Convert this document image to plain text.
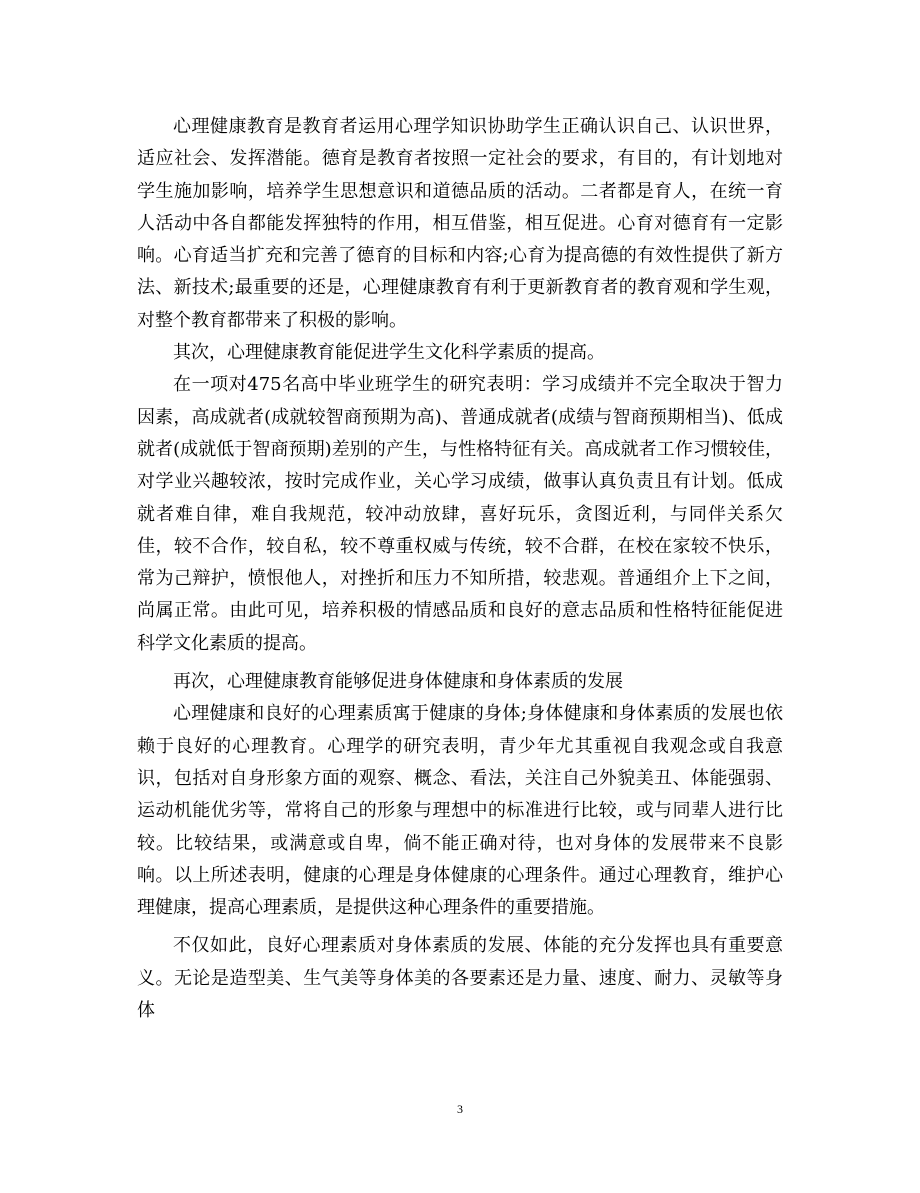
心理健康教育是教育者运用心理学知识协助学生正确认识自己、认识世界，适应社会、发挥潜能。德育是教育者按照一定社会的要求，有目的，有计划地对学生施加影响，培养学生思想意识和道德品质的活动。二者都是育人，在统一育人活动中各自都能发挥独特的作用，相互借鉴，相互促进。心育对德育有一定影响。心育适当扩充和完善了德育的目标和内容;心育为提高德的有效性提供了新方法、新技术;最重要的还是，心理健康教育有利于更新教育者的教育观和学生观，对整个教育都带来了积极的影响。

其次，心理健康教育能促进学生文化科学素质的提高。

在一项对475名高中毕业班学生的研究表明：学习成绩并不完全取决于智力因素，高成就者(成就较智商预期为高)、普通成就者(成绩与智商预期相当)、低成就者(成就低于智商预期)差别的产生，与性格特征有关。高成就者工作习惯较佳，对学业兴趣较浓，按时完成作业，关心学习成绩，做事认真负责且有计划。低成就者难自律，难自我规范，较冲动放肆，喜好玩乐，贪图近利，与同伴关系欠佳，较不合作，较自私，较不尊重权威与传统，较不合群，在校在家较不快乐，常为己辩护，愤恨他人，对挫折和压力不知所措，较悲观。普通组介上下之间，尚属正常。由此可见，培养积极的情感品质和良好的意志品质和性格特征能促进科学文化素质的提高。

再次，心理健康教育能够促进身体健康和身体素质的发展

心理健康和良好的心理素质寓于健康的身体;身体健康和身体素质的发展也依赖于良好的心理教育。心理学的研究表明，青少年尤其重视自我观念或自我意识，包括对自身形象方面的观察、概念、看法，关注自己外貌美丑、体能强弱、运动机能优劣等，常将自己的形象与理想中的标准进行比较，或与同辈人进行比较。比较结果，或满意或自卑，倘不能正确对待，也对身体的发展带来不良影响。以上所述表明，健康的心理是身体健康的心理条件。通过心理教育，维护心理健康，提高心理素质，是提供这种心理条件的重要措施。

不仅如此，良好心理素质对身体素质的发展、体能的充分发挥也具有重要意义。无论是造型美、生气美等身体美的各要素还是力量、速度、耐力、灵敏等身体

3
